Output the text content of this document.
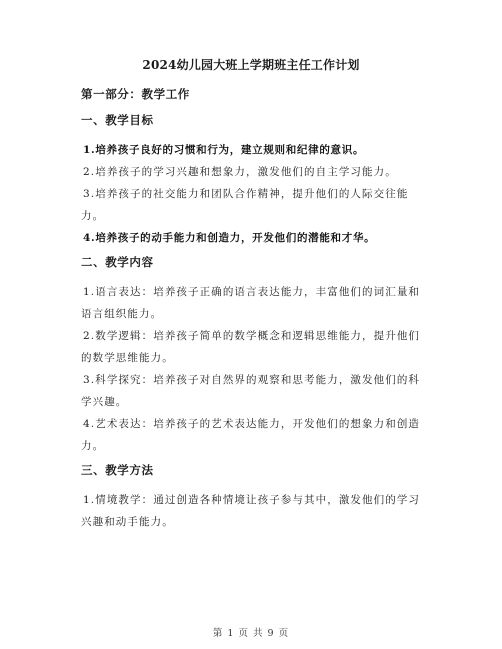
2024幼儿园大班上学期班主任工作计划
第一部分：教学工作
一、教学目标
1.培养孩子良好的习惯和行为，建立规则和纪律的意识。
2.培养孩子的学习兴趣和想象力，激发他们的自主学习能力。
3.培养孩子的社交能力和团队合作精神，提升他们的人际交往能力。
4.培养孩子的动手能力和创造力，开发他们的潜能和才华。
二、教学内容
1.语言表达：培养孩子正确的语言表达能力，丰富他们的词汇量和语言组织能力。
2.数学逻辑：培养孩子简单的数学概念和逻辑思维能力，提升他们的数学思维能力。
3.科学探究：培养孩子对自然界的观察和思考能力，激发他们的科学兴趣。
4.艺术表达：培养孩子的艺术表达能力，开发他们的想象力和创造力。
三、教学方法
1.情境教学：通过创造各种情境让孩子参与其中，激发他们的学习兴趣和动手能力。
第 1 页 共 9 页
